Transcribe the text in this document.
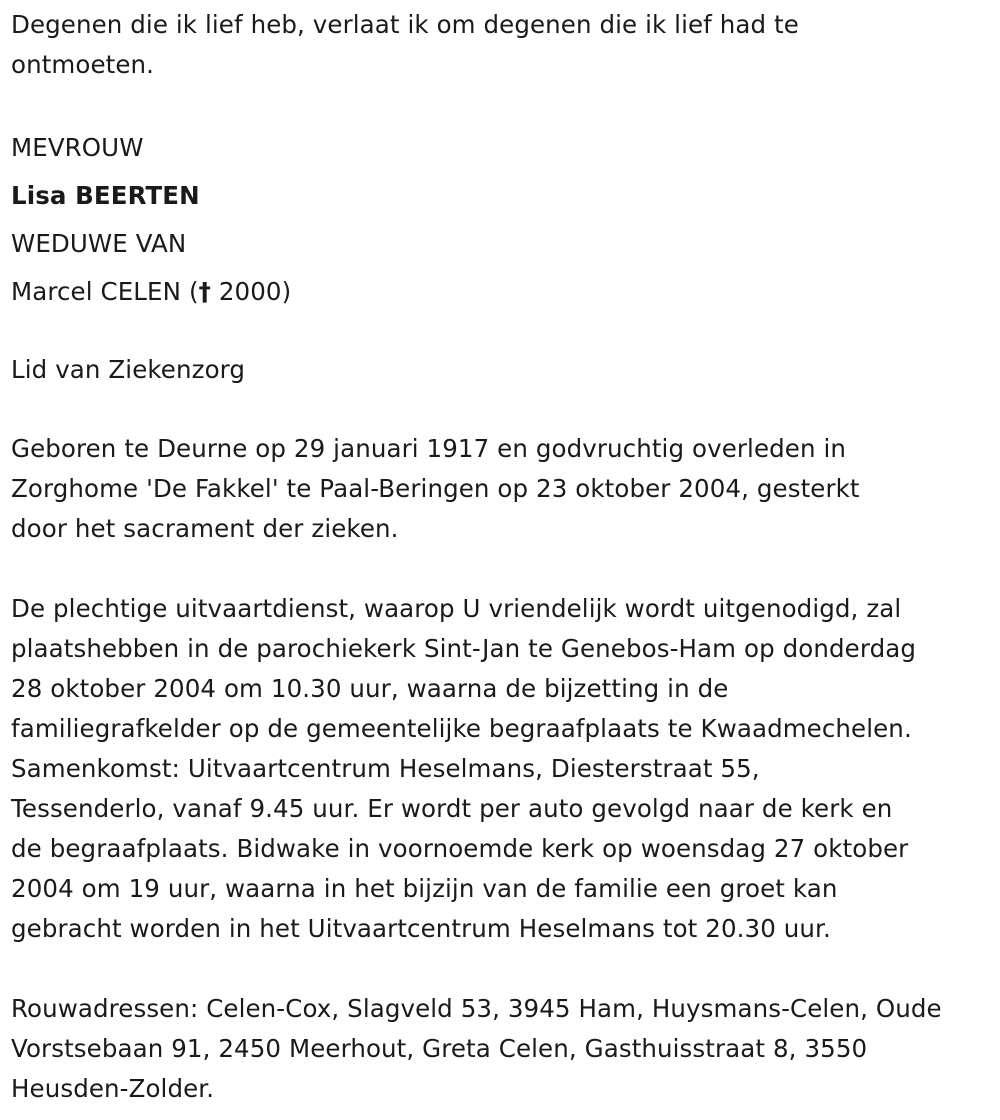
Degenen die ik lief heb, verlaat ik om degenen die ik lief had te
ontmoeten.
MEVROUW
Lisa BEERTEN
WEDUWE VAN
Marcel CELEN († 2000)
Lid van Ziekenzorg
Geboren te Deurne op 29 januari 1917 en godvruchtig overleden in
Zorghome 'De Fakkel' te Paal-Beringen op 23 oktober 2004, gesterkt
door het sacrament der zieken.
De plechtige uitvaartdienst, waarop U vriendelijk wordt uitgenodigd, zal
plaatshebben in de parochiekerk Sint-Jan te Genebos-Ham op donderdag
28 oktober 2004 om 10.30 uur, waarna de bijzetting in de
familiegrafkelder op de gemeentelijke begraafplaats te Kwaadmechelen.
Samenkomst: Uitvaartcentrum Heselmans, Diesterstraat 55,
Tessenderlo, vanaf 9.45 uur. Er wordt per auto gevolgd naar de kerk en
de begraafplaats. Bidwake in voornoemde kerk op woensdag 27 oktober
2004 om 19 uur, waarna in het bijzijn van de familie een groet kan
gebracht worden in het Uitvaartcentrum Heselmans tot 20.30 uur.
Rouwadressen: Celen-Cox, Slagveld 53, 3945 Ham, Huysmans-Celen, Oude
Vorstsebaan 91, 2450 Meerhout, Greta Celen, Gasthuisstraat 8, 3550
Heusden-Zolder.
